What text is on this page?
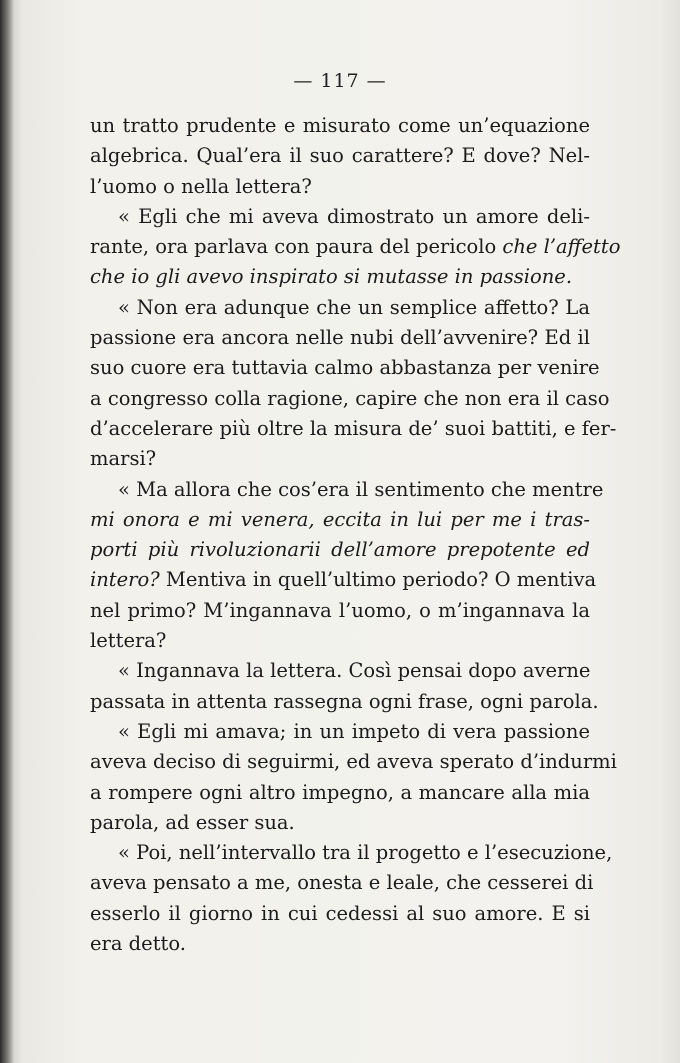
— 117 —
un tratto prudente e misurato come un’equazione
algebrica. Qual’era il suo carattere? E dove? Nel-
l’uomo o nella lettera?
« Egli che mi aveva dimostrato un amore deli-
rante, ora parlava con paura del pericolo che l’affetto
che io gli avevo inspirato si mutasse in passione.
« Non era adunque che un semplice affetto? La
passione era ancora nelle nubi dell’avvenire? Ed il
suo cuore era tuttavia calmo abbastanza per venire
a congresso colla ragione, capire che non era il caso
d’accelerare più oltre la misura de’ suoi battiti, e fer-
marsi?
« Ma allora che cos’era il sentimento che mentre
mi onora e mi venera, eccita in lui per me i tras-
porti più rivoluzionarii dell’amore prepotente ed
intero? Mentiva in quell’ultimo periodo? O mentiva
nel primo? M’ingannava l’uomo, o m’ingannava la
lettera?
« Ingannava la lettera. Così pensai dopo averne
passata in attenta rassegna ogni frase, ogni parola.
« Egli mi amava; in un impeto di vera passione
aveva deciso di seguirmi, ed aveva sperato d’indurmi
a rompere ogni altro impegno, a mancare alla mia
parola, ad esser sua.
« Poi, nell’intervallo tra il progetto e l’esecuzione,
aveva pensato a me, onesta e leale, che cesserei di
esserlo il giorno in cui cedessi al suo amore. E si
era detto.
